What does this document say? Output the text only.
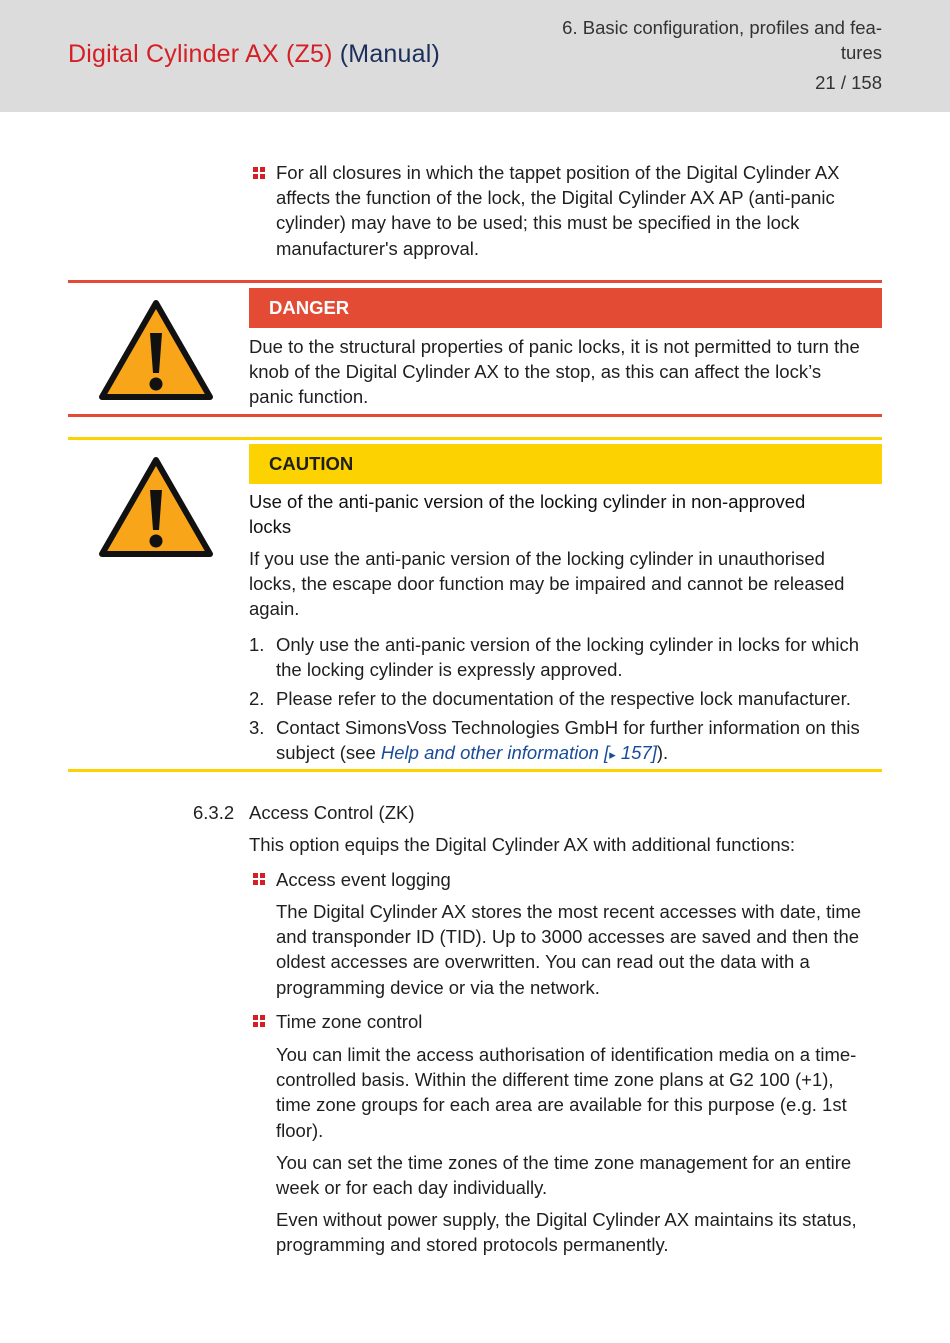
Digital Cylinder AX (Z5) (Manual)
6. Basic configuration, profiles and fea-
tures
21 / 158
For all closures in which the tappet position of the Digital Cylinder AX
affects the function of the lock, the Digital Cylinder AX AP (anti-panic
cylinder) may have to be used; this must be specified in the lock
manufacturer's approval.
DANGER
Due to the structural properties of panic locks, it is not permitted to turn the
knob of the Digital Cylinder AX to the stop, as this can affect the lock’s
panic function.
CAUTION
Use of the anti-panic version of the locking cylinder in non-approved
locks
If you use the anti-panic version of the locking cylinder in unauthorised
locks, the escape door function may be impaired and cannot be released
again.
1. Only use the anti-panic version of the locking cylinder in locks for which
the locking cylinder is expressly approved.
2. Please refer to the documentation of the respective lock manufacturer.
3. Contact SimonsVoss Technologies GmbH for further information on this
subject (see Help and other information [▸ 157]).
6.3.2 Access Control (ZK)
This option equips the Digital Cylinder AX with additional functions:
Access event logging
The Digital Cylinder AX stores the most recent accesses with date, time
and transponder ID (TID). Up to 3000 accesses are saved and then the
oldest accesses are overwritten. You can read out the data with a
programming device or via the network.
Time zone control
You can limit the access authorisation of identification media on a time-
controlled basis. Within the different time zone plans at G2 100 (+1),
time zone groups for each area are available for this purpose (e.g. 1st
floor).
You can set the time zones of the time zone management for an entire
week or for each day individually.
Even without power supply, the Digital Cylinder AX maintains its status,
programming and stored protocols permanently.
